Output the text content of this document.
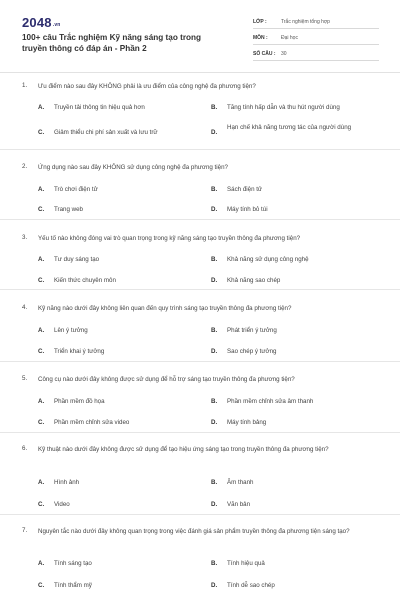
2048.vn
100+ câu Trắc nghiệm Kỹ năng sáng tạo trong truyền thông có đáp án - Phần 2
LỚP :	Trắc nghiệm tổng hợp
MÔN :	Đại học
SỐ CÂU :	30
1. Ưu điểm nào sau đây KHÔNG phải là ưu điểm của công nghệ đa phương tiện?
A. Truyền tải thông tin hiệu quả hơn	B. Tăng tính hấp dẫn và thu hút người dùng
C. Giảm thiểu chi phí sản xuất và lưu trữ	D.
Hạn chế khả năng tương tác của người dùng
2. Ứng dụng nào sau đây KHÔNG sử dụng công nghệ đa phương tiện?
A. Trò chơi điện tử	B. Sách điện tử
C. Trang web	D. Máy tính bỏ túi
3. Yếu tố nào không đóng vai trò quan trọng trong kỹ năng sáng tạo truyền thông đa phương tiện?
A. Tư duy sáng tạo	B. Khả năng sử dụng công nghệ
C. Kiến thức chuyên môn	D. Khả năng sao chép
4. Kỹ năng nào dưới đây không liên quan đến quy trình sáng tạo truyền thông đa phương tiện?
A. Lên ý tưởng	B. Phát triển ý tưởng
C. Triển khai ý tưởng	D. Sao chép ý tưởng
5. Công cụ nào dưới đây không được sử dụng để hỗ trợ sáng tạo truyền thông đa phương tiện?
A. Phần mềm đồ họa	B. Phần mềm chỉnh sửa âm thanh
C. Phần mềm chỉnh sửa video	D. Máy tính bảng
6. Kỹ thuật nào dưới đây không được sử dụng để tạo hiệu ứng sáng tạo trong truyền thông đa phương tiện?
A. Hình ảnh	B. Âm thanh
C. Video	D. Văn bản
7. Nguyên tắc nào dưới đây không quan trọng trong việc đánh giá sản phẩm truyền thông đa phương tiện sáng tạo?
A. Tính sáng tạo	B. Tính hiệu quả
C. Tính thẩm mỹ	D. Tính dễ sao chép
